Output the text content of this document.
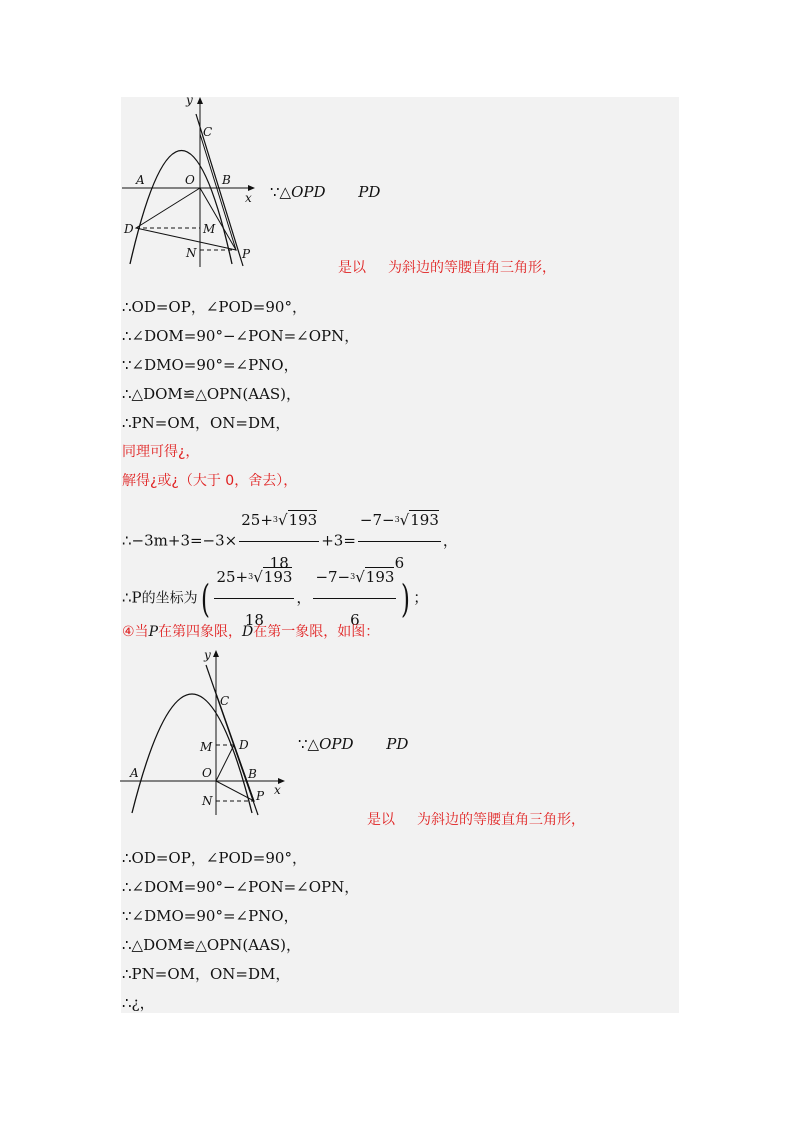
y
C
A	O B
x
D	M
N	P
∵△OPD PD
是以 为斜边的等腰直角三角形，
∴OD=OP，∠POD=90°，
∴∠DOM=90°−∠PON=∠OPN，
∵∠DMO=90°=∠PNO，
∴△DOM≌△OPN(AAS)，
∴PN=OM，ON=DM，
同理可得¿，
解得¿或¿（大于 0，舍去），
∴−3m+3=−3× $\frac{25+^3√193}{18} +3= \frac{-7-^3√193}{6}$ ，
∴P的坐标为( $\frac{25+^3√193}{18}$ ， $\frac{-7-^3√193}{6}$ ) ；
④当P在第四象限，D在第一象限，如图：
y
C
M D
A	O	B
x
N	P
∵△OPD PD
是以 为斜边的等腰直角三角形，
∴OD=OP，∠POD=90°，
∴∠DOM=90°−∠PON=∠OPN，
∵∠DMO=90°=∠PNO，
∴△DOM≌△OPN(AAS)，
∴PN=OM，ON=DM，
∴¿，
